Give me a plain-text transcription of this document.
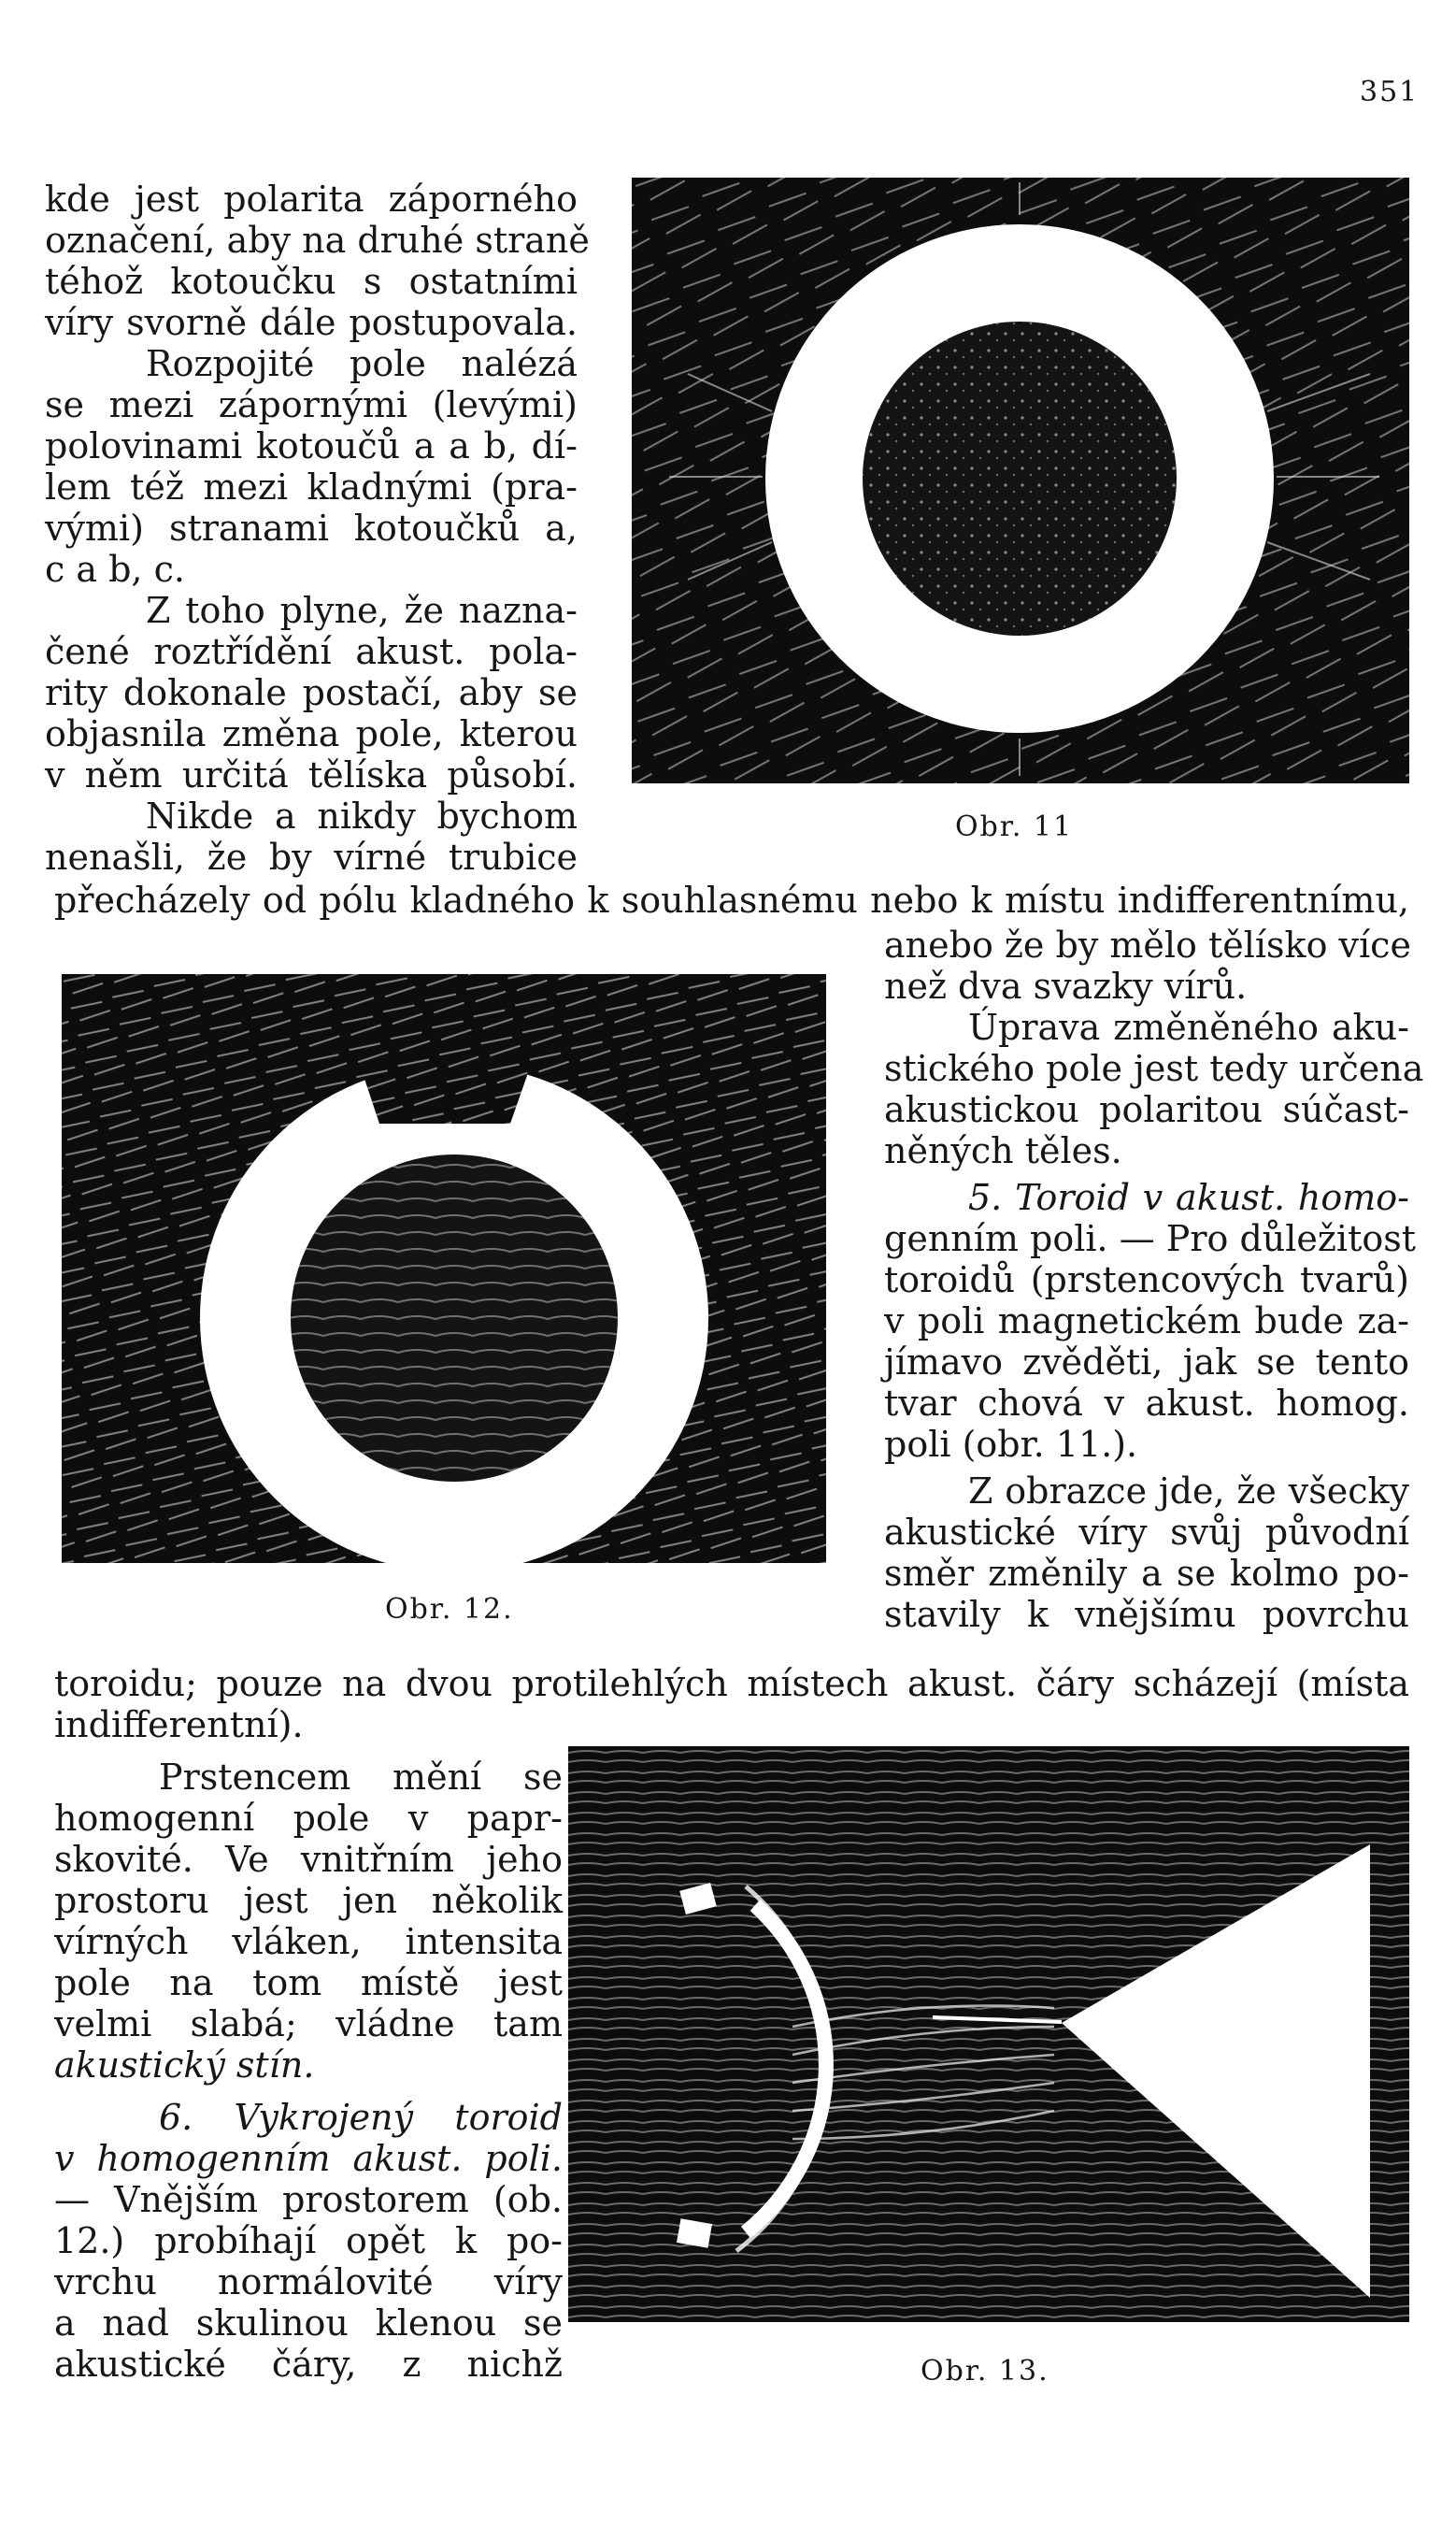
351
kde jest polarita záporného
označení, aby na druhé straně
téhož kotoučku s ostatními
víry svorně dále postupovala.
Rozpojité pole nalézá
se mezi zápornými (levými)
polovinami kotoučů a a b, dí-
lem též mezi kladnými (pra-
vými) stranami kotoučků a,
c a b, c.
Z toho plyne, že nazna-
čené roztřídění akust. pola-
rity dokonale postačí, aby se
objasnila změna pole, kterou
v něm určitá tělíska působí.
Nikde a nikdy bychom
nenašli, že by vírné trubice
Obr. 11
přecházely od pólu kladného k souhlasnému nebo k místu indifferentnímu,
anebo že by mělo tělísko více
než dva svazky vírů.
Úprava změněného aku-
stického pole jest tedy určena
akustickou polaritou súčast-
něných těles.
5. Toroid v akust. homo-
genním poli. — Pro důležitost
toroidů (prstencových tvarů)
v poli magnetickém bude za-
jímavo zvěděti, jak se tento
tvar chová v akust. homog.
poli (obr. 11.).
Z obrazce jde, že všecky
akustické víry svůj původní
směr změnily a se kolmo po-
stavily k vnějšímu povrchu
Obr. 12.
toroidu; pouze na dvou protilehlých místech akust. čáry scházejí (místa
indifferentní).
Prstencem mění se
homogenní pole v papr-
skovité. Ve vnitřním jeho
prostoru jest jen několik
vírných vláken, intensita
pole na tom místě jest
velmi slabá; vládne tam
akustický stín.
6. Vykrojený toroid
v homogenním akust. poli.
— Vnějším prostorem (ob.
12.) probíhají opět k po-
vrchu normálovité víry
a nad skulinou klenou se
akustické čáry, z nichž	Obr. 13.
